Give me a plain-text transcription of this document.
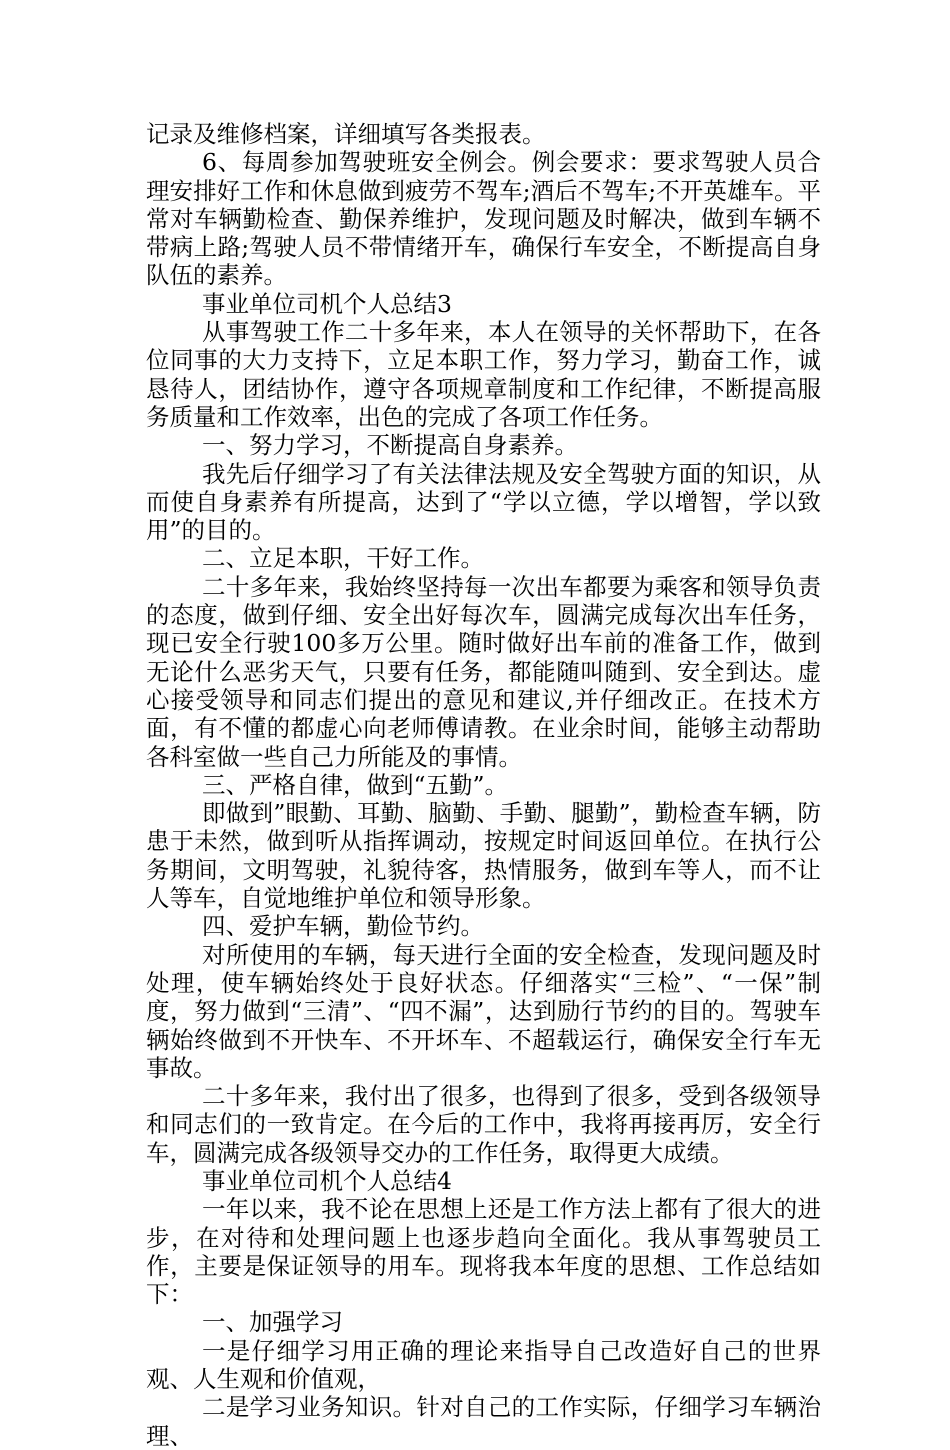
记录及维修档案，详细填写各类报表。

6、每周参加驾驶班安全例会。例会要求：要求驾驶人员合理安排好工作和休息做到疲劳不驾车;酒后不驾车;不开英雄车。平常对车辆勤检查、勤保养维护，发现问题及时解决，做到车辆不带病上路;驾驶人员不带情绪开车，确保行车安全，不断提高自身队伍的素养。

事业单位司机个人总结3

从事驾驶工作二十多年来，本人在领导的关怀帮助下，在各位同事的大力支持下，立足本职工作，努力学习，勤奋工作，诚恳待人，团结协作，遵守各项规章制度和工作纪律，不断提高服务质量和工作效率，出色的完成了各项工作任务。

一、努力学习，不断提高自身素养。

我先后仔细学习了有关法律法规及安全驾驶方面的知识，从而使自身素养有所提高，达到了“学以立德，学以增智，学以致用”的目的。

二、立足本职，干好工作。

二十多年来，我始终坚持每一次出车都要为乘客和领导负责的态度，做到仔细、安全出好每次车，圆满完成每次出车任务，现已安全行驶100多万公里。随时做好出车前的准备工作，做到无论什么恶劣天气，只要有任务，都能随叫随到、安全到达。虚心接受领导和同志们提出的意见和建议,并仔细改正。在技术方面，有不懂的都虚心向老师傅请教。在业余时间，能够主动帮助各科室做一些自己力所能及的事情。

三、严格自律，做到“五勤”。

即做到”眼勤、耳勤、脑勤、手勤、腿勤”，勤检查车辆，防患于未然，做到听从指挥调动，按规定时间返回单位。在执行公务期间，文明驾驶，礼貌待客，热情服务，做到车等人，而不让人等车，自觉地维护单位和领导形象。

四、爱护车辆，勤俭节约。

对所使用的车辆，每天进行全面的安全检查，发现问题及时处理，使车辆始终处于良好状态。仔细落实“三检”、“一保”制度，努力做到“三清”、“四不漏”，达到励行节约的目的。驾驶车辆始终做到不开快车、不开坏车、不超载运行，确保安全行车无事故。

二十多年来，我付出了很多，也得到了很多，受到各级领导和同志们的一致肯定。在今后的工作中，我将再接再厉，安全行车，圆满完成各级领导交办的工作任务，取得更大成绩。

事业单位司机个人总结4

一年以来，我不论在思想上还是工作方法上都有了很大的进步，在对待和处理问题上也逐步趋向全面化。我从事驾驶员工作，主要是保证领导的用车。现将我本年度的思想、工作总结如下：

一、加强学习

一是仔细学习用正确的理论来指导自己改造好自己的世界观、人生观和价值观，

二是学习业务知识。针对自己的工作实际，仔细学习车辆治理、
